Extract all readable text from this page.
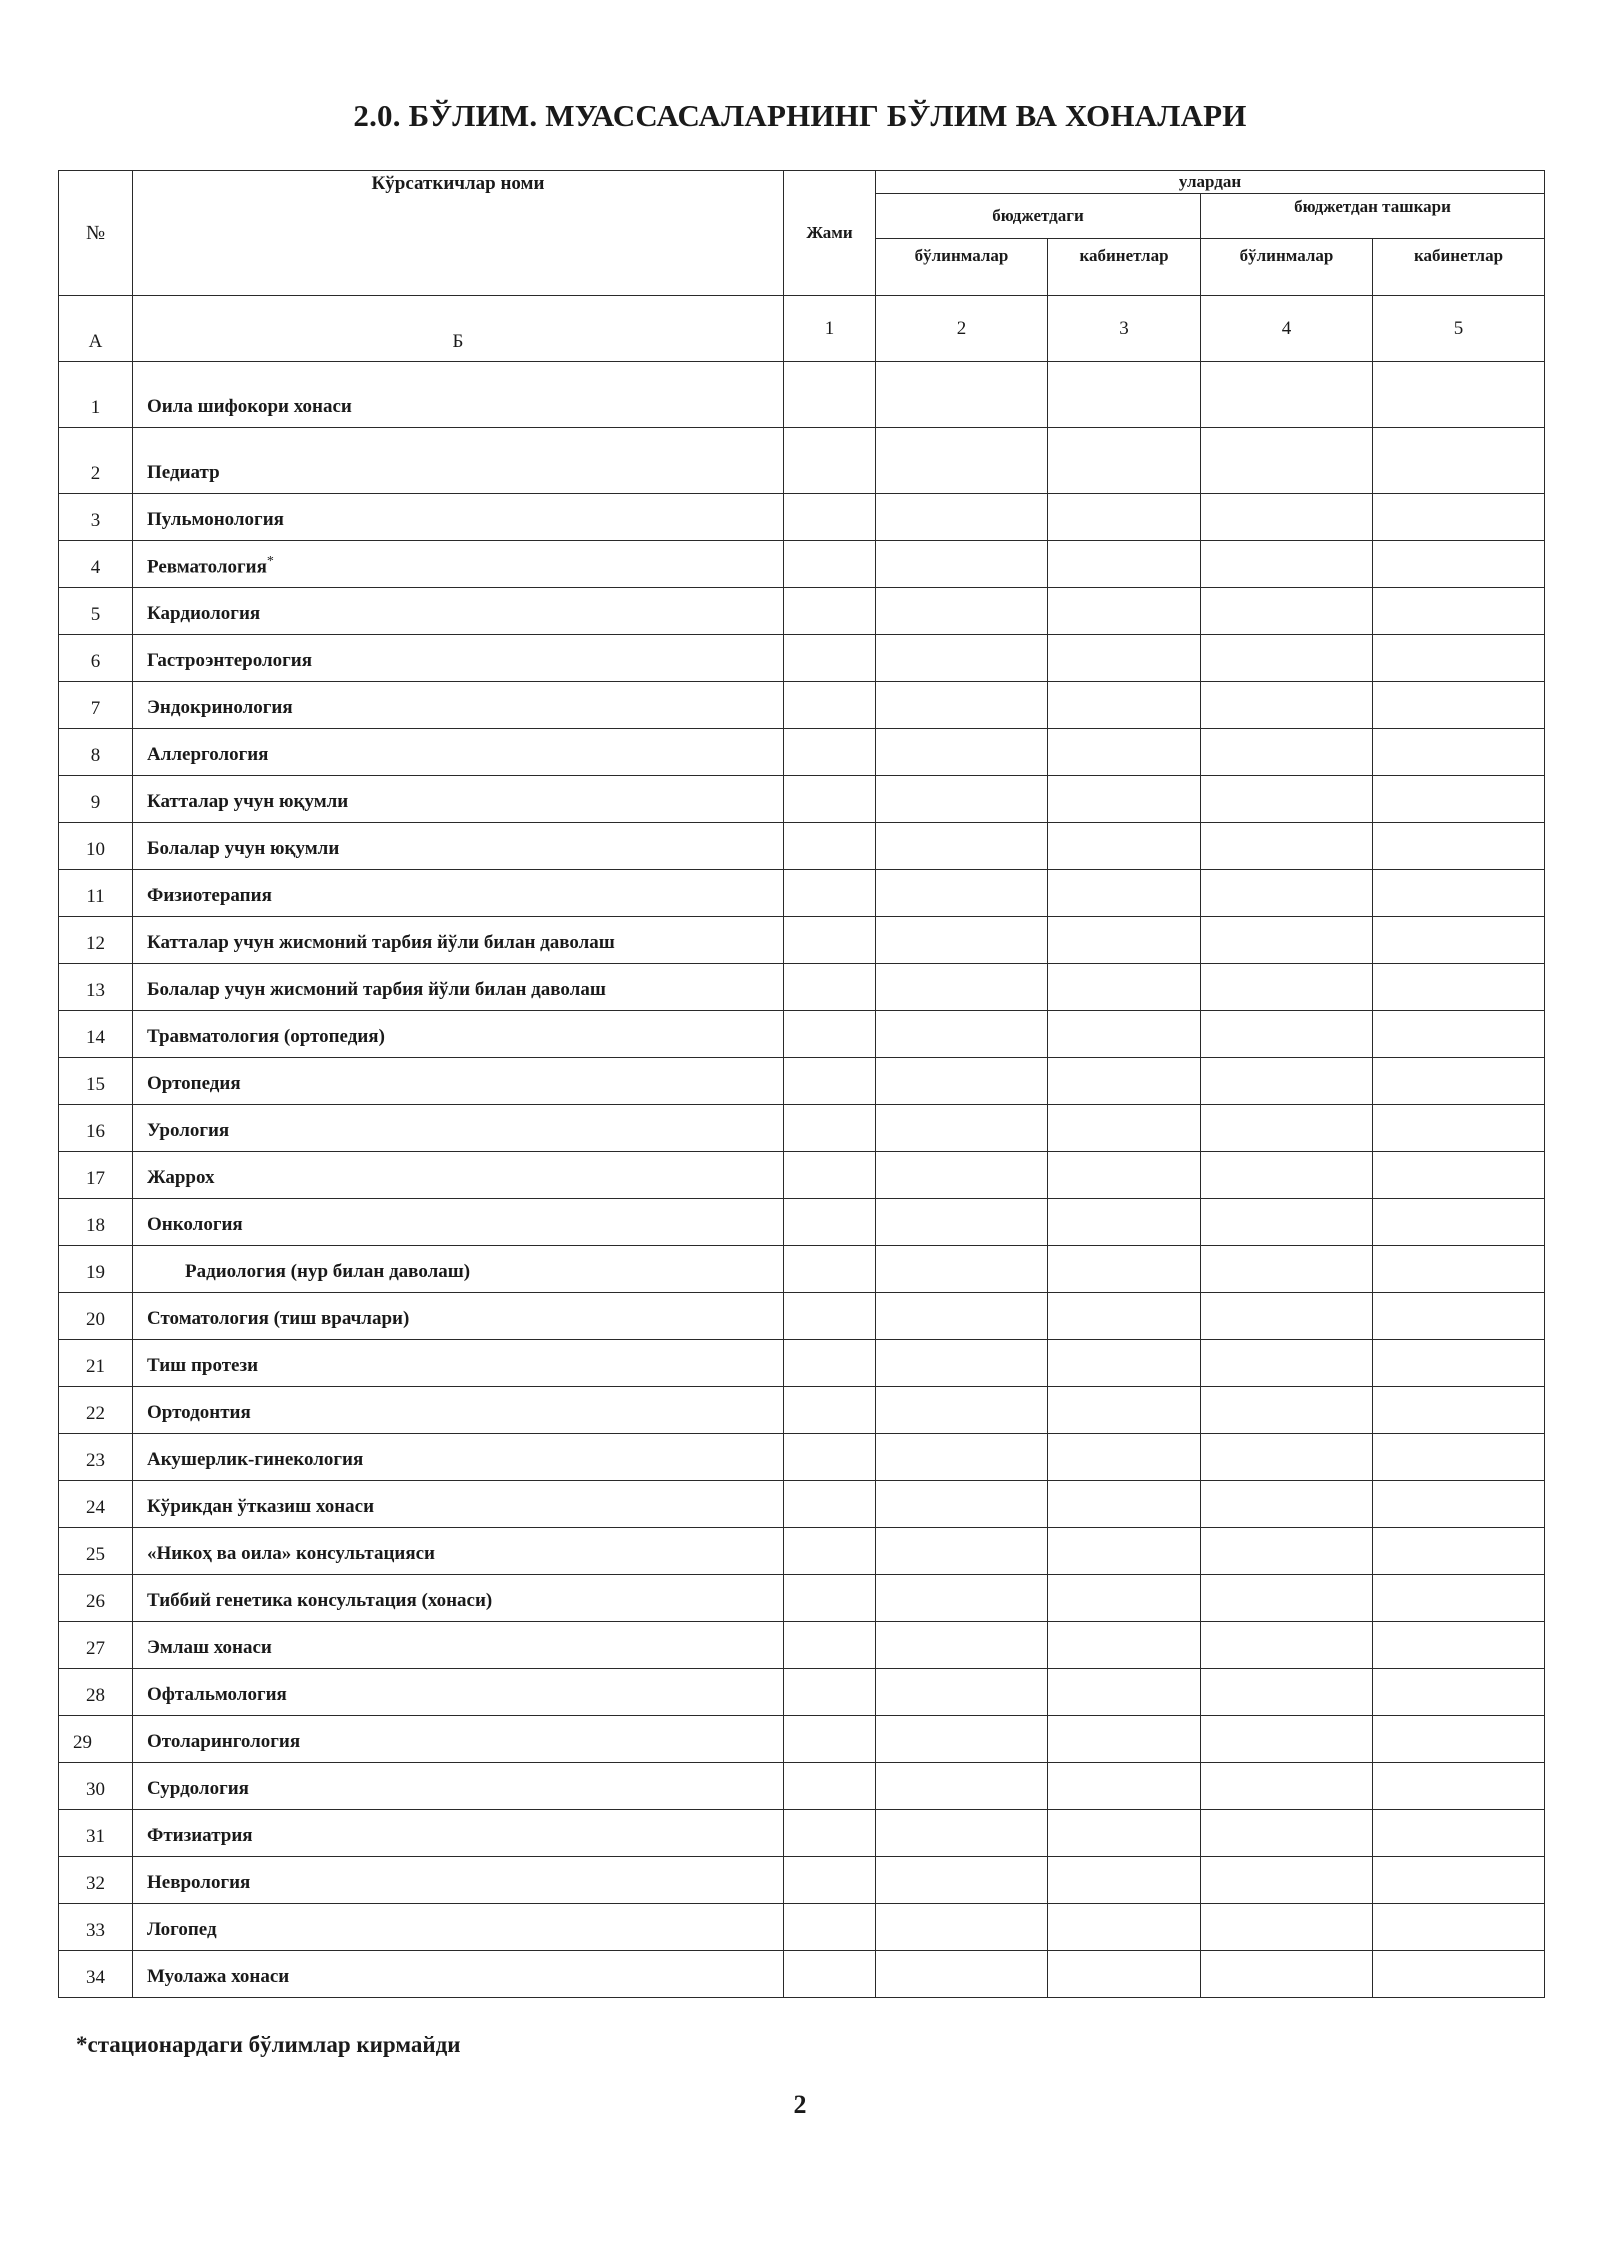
2.0. БЎЛИМ. МУАССАСАЛАРНИНГ БЎЛИМ ВА ХОНАЛАРИ
№	Кўрсаткичлар номи	Жами	улардан			
			бюджетдаги		бюджетдан ташкари	
			бўлинмалар	кабинетлар	бўлинмалар	кабинетлар
А	Б	1	2	3	4	5
1	Оила шифокори хонаси					
2	Педиатр					
3	Пульмонология					
4	Ревматология*					
5	Кардиология					
6	Гастроэнтерология					
7	Эндокринология					
8	Аллергология					
9	Катталар учун юқумли					
10	Болалар учун юқумли					
11	Физиотерапия					
12	Катталар учун жисмоний тарбия йўли билан даволаш					
13	Болалар учун жисмоний тарбия йўли билан даволаш					
14	Травматология (ортопедия)					
15	Ортопедия					
16	Урология					
17	Жаррох					
18	Онкология					
19	Радиология (нур билан даволаш)					
20	Стоматология (тиш врачлари)					
21	Тиш протези					
22	Ортодонтия					
23	Акушерлик-гинекология					
24	Кўрикдан ўтказиш хонаси					
25	«Никоҳ ва оила» консультацияси					
26	Тиббий генетика консультация (хонаси)					
27	Эмлаш хонаси					
28	Офтальмология					
29	Отоларингология					
30	Сурдология					
31	Фтизиатрия					
32	Неврология					
33	Логопед					
34	Муолажа хонаси					
*стационардаги бўлимлар кирмайди
2
